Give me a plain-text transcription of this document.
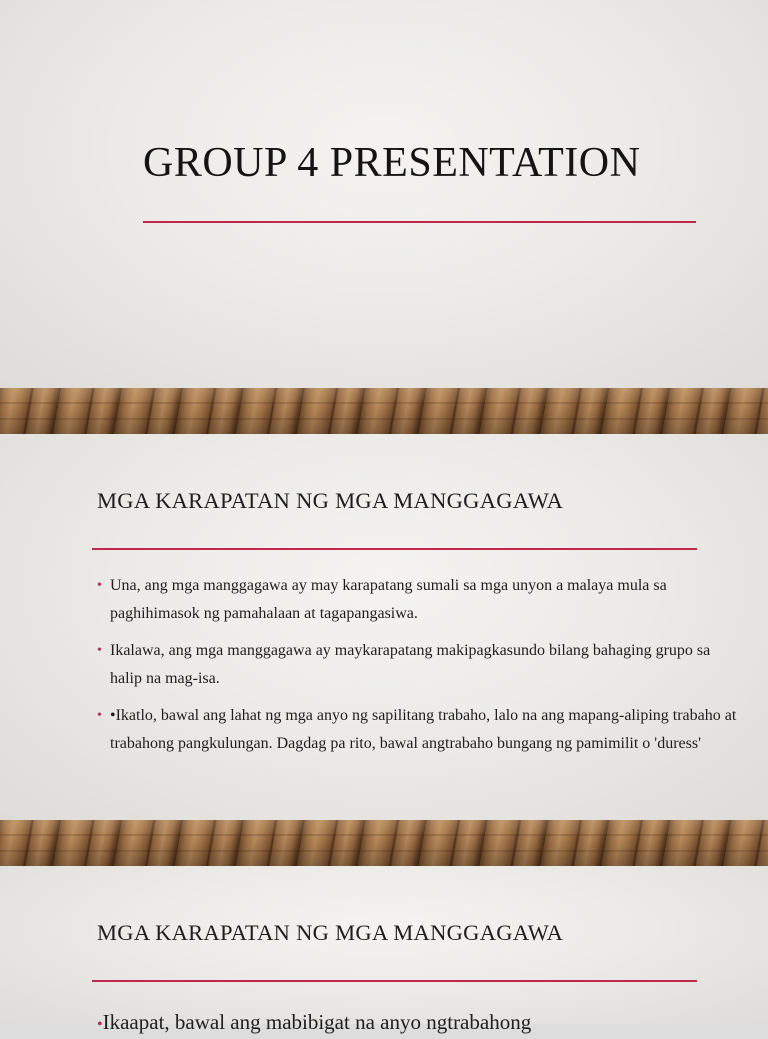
GROUP 4 PRESENTATION
MGA KARAPATAN NG MGA MANGGAGAWA
• Una, ang mga manggagawa ay may karapatang sumali sa mga unyon a malaya mula sa paghihimasok ng pamahalaan at tagapangasiwa.
• Ikalawa, ang mga manggagawa ay maykarapatang makipagkasundo bilang bahaging grupo sa halip na mag-isa.
• •Ikatlo, bawal ang lahat ng mga anyo ng sapilitang trabaho, lalo na ang mapang-aliping trabaho at trabahong pangkulungan. Dagdag pa rito, bawal angtrabaho bungang ng pamimilit o 'duress'
MGA KARAPATAN NG MGA MANGGAGAWA
•Ikaapat, bawal ang mabibigat na anyo ngtrabahong
